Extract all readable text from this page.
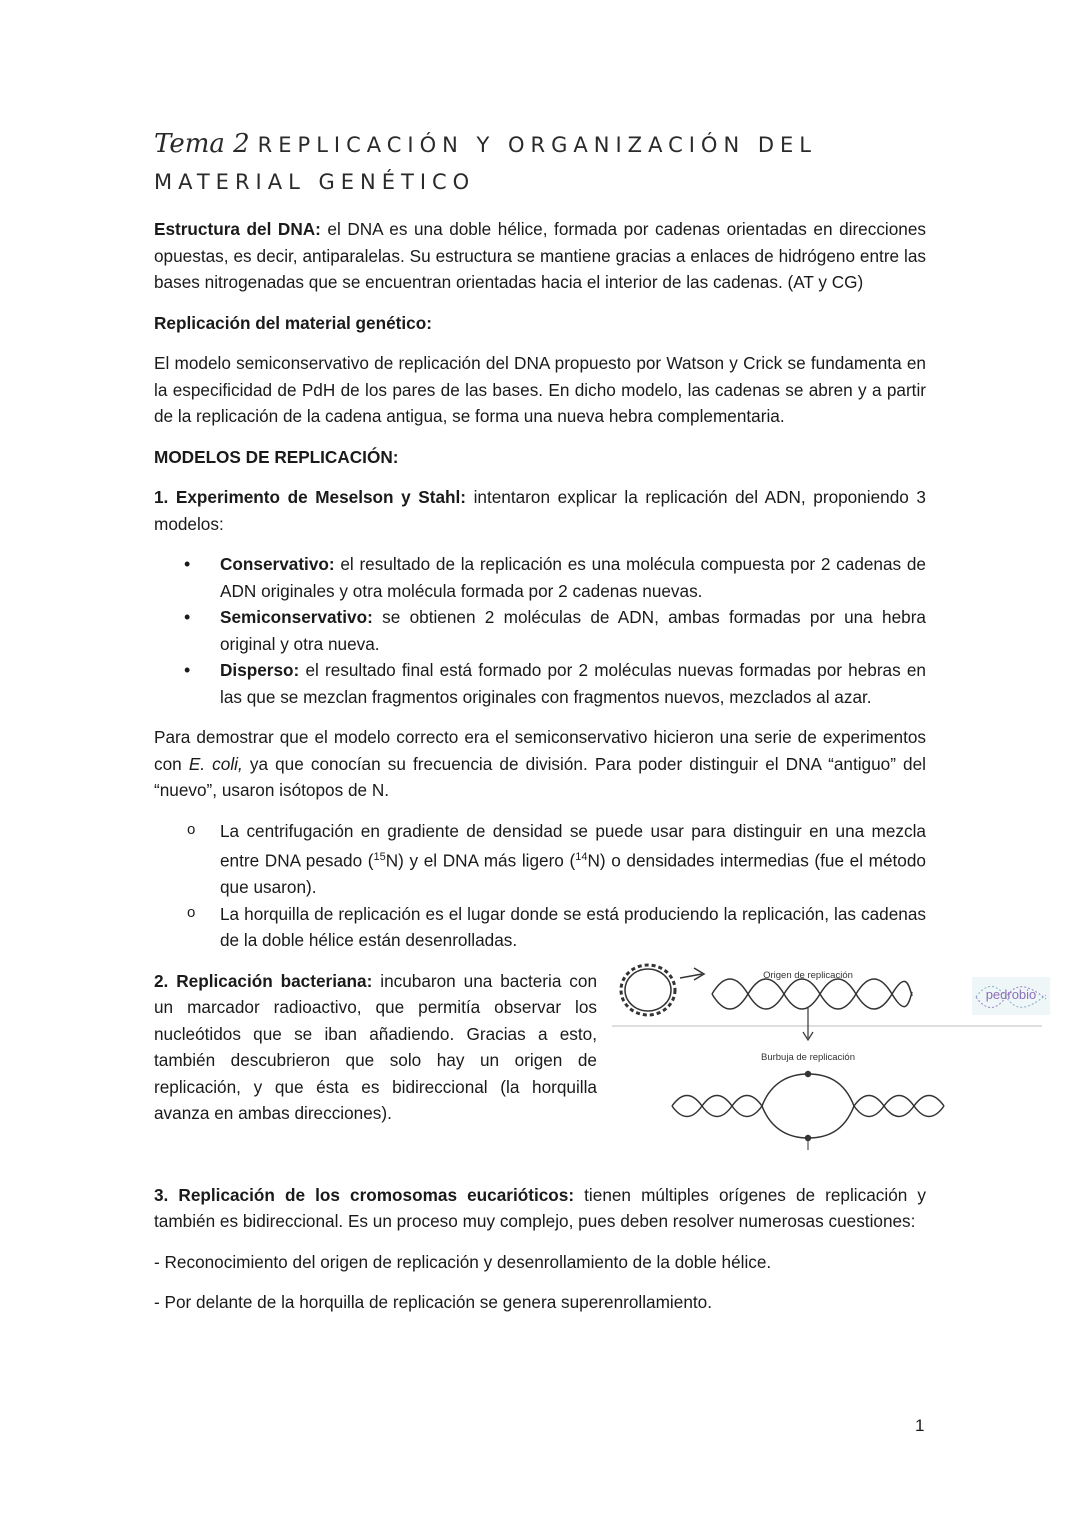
Tema 2 REPLICACIÓN Y ORGANIZACIÓN DEL
MATERIAL GENÉTICO

Estructura del DNA: el DNA es una doble hélice, formada por cadenas orientadas en direcciones opuestas, es decir, antiparalelas. Su estructura se mantiene gracias a enlaces de hidrógeno entre las bases nitrogenadas que se encuentran orientadas hacia el interior de las cadenas. (AT y CG)

Replicación del material genético:

El modelo semiconservativo de replicación del DNA propuesto por Watson y Crick se fundamenta en la especificidad de PdH de los pares de las bases. En dicho modelo, las cadenas se abren y a partir de la replicación de la cadena antigua, se forma una nueva hebra complementaria.

MODELOS DE REPLICACIÓN:

1. Experimento de Meselson y Stahl: intentaron explicar la replicación del ADN, proponiendo 3 modelos:

• Conservativo: el resultado de la replicación es una molécula compuesta por 2 cadenas de ADN originales y otra molécula formada por 2 cadenas nuevas.
• Semiconservativo: se obtienen 2 moléculas de ADN, ambas formadas por una hebra original y otra nueva.
• Disperso: el resultado final está formado por 2 moléculas nuevas formadas por hebras en las que se mezclan fragmentos originales con fragmentos nuevos, mezclados al azar.

Para demostrar que el modelo correcto era el semiconservativo hicieron una serie de experimentos con E. coli, ya que conocían su frecuencia de división. Para poder distinguir el DNA “antiguo” del “nuevo”, usaron isótopos de N.

o La centrifugación en gradiente de densidad se puede usar para distinguir en una mezcla entre DNA pesado ($^{15}$N) y el DNA más ligero ($^{14}$N) o densidades intermedias (fue el método que usaron).
o La horquilla de replicación es el lugar donde se está produciendo la replicación, las cadenas de la doble hélice están desenrolladas.

2. Replicación bacteriana: incubaron una bacteria con un marcador radioactivo, que permitía observar los nucleótidos que se iban añadiendo. Gracias a esto, también descubrieron que solo hay un origen de replicación, y que ésta es bidireccional (la horquilla avanza en ambas direcciones).

Origen de replicación
Burbuja de replicación

3. Replicación de los cromosomas eucarióticos: tienen múltiples orígenes de replicación y también es bidireccional. Es un proceso muy complejo, pues deben resolver numerosas cuestiones:

- Reconocimiento del origen de replicación y desenrollamiento de la doble hélice.

- Por delante de la horquilla de replicación se genera superenrollamiento.

pedrobio
1
